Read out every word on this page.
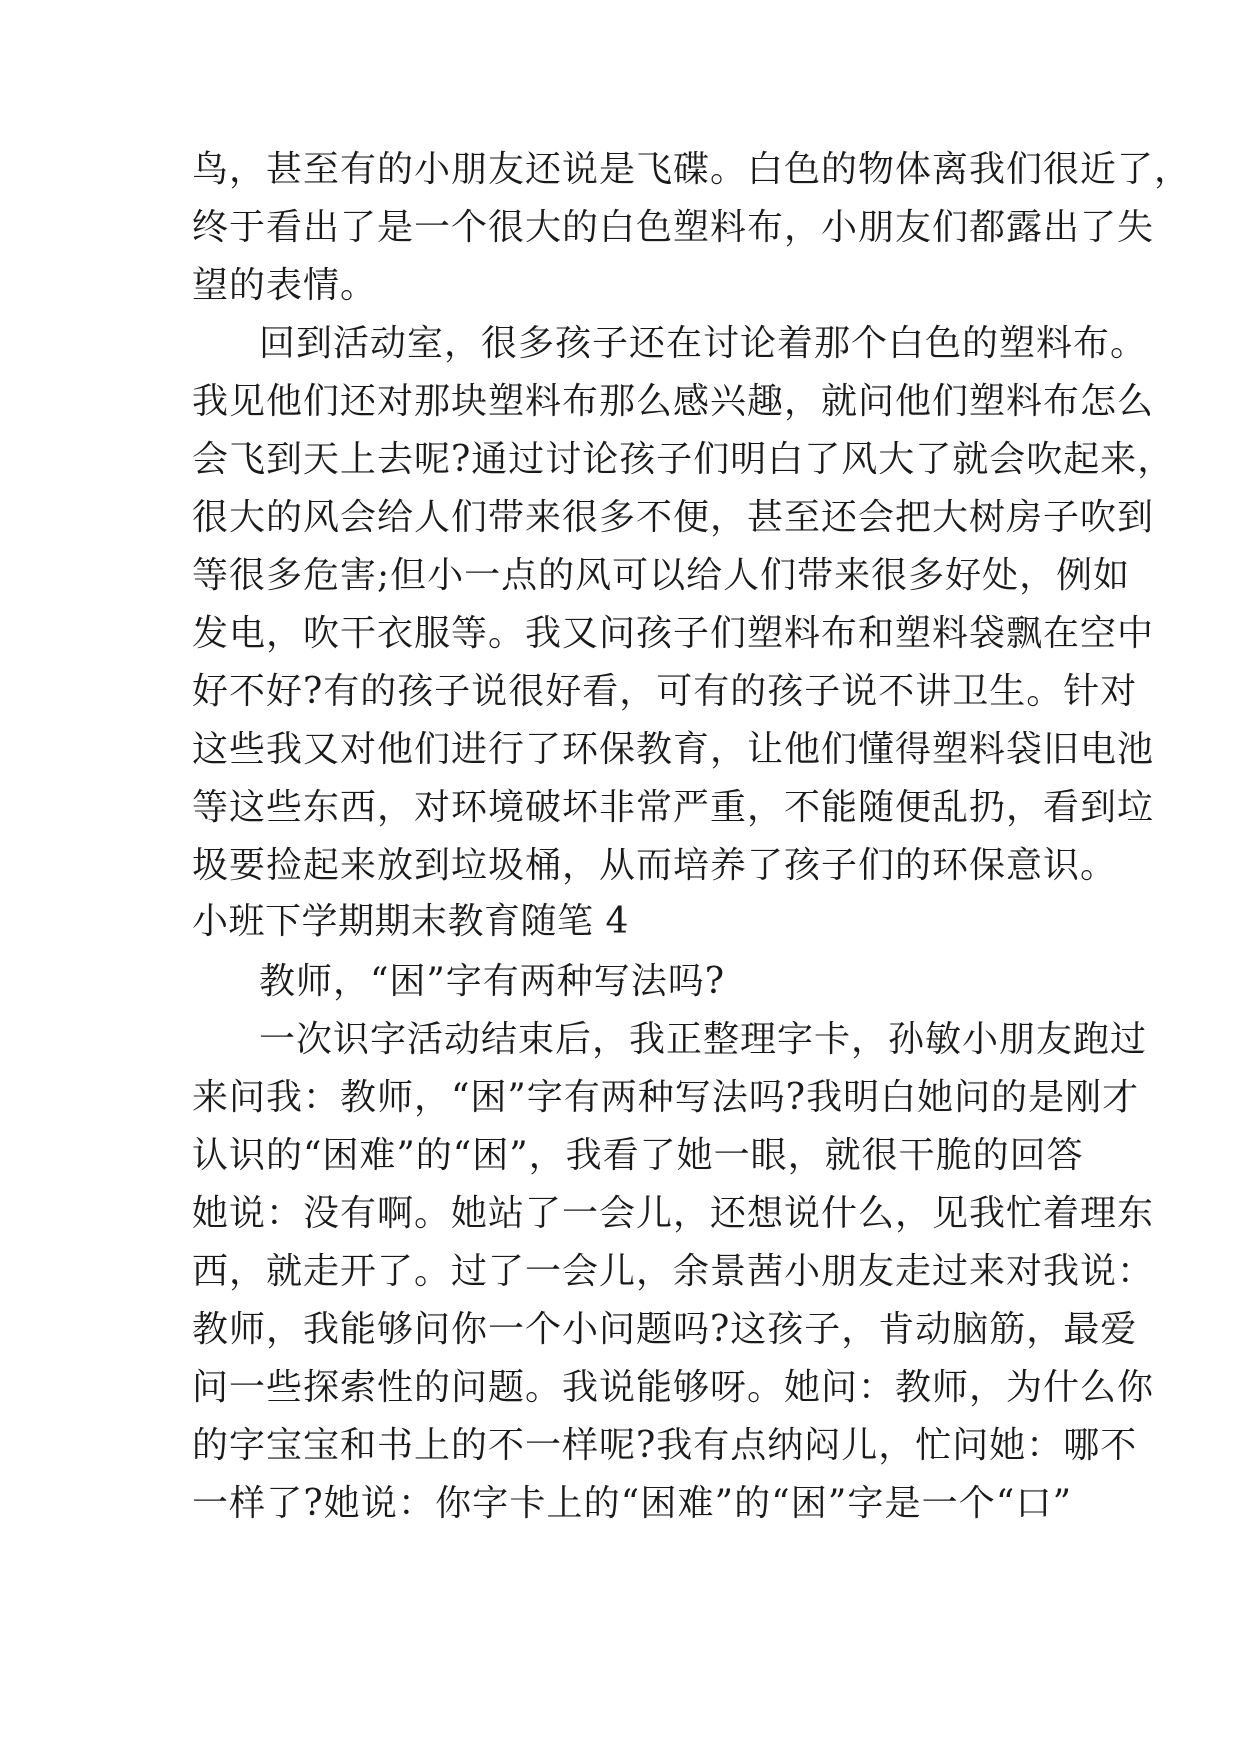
鸟，甚至有的小朋友还说是飞碟。白色的物体离我们很近了，
终于看出了是一个很大的白色塑料布，小朋友们都露出了失
望的表情。
回到活动室，很多孩子还在讨论着那个白色的塑料布。
我见他们还对那块塑料布那么感兴趣，就问他们塑料布怎么
会飞到天上去呢?通过讨论孩子们明白了风大了就会吹起来，
很大的风会给人们带来很多不便，甚至还会把大树房子吹到
等很多危害;但小一点的风可以给人们带来很多好处，例如
发电，吹干衣服等。我又问孩子们塑料布和塑料袋飘在空中
好不好?有的孩子说很好看，可有的孩子说不讲卫生。针对
这些我又对他们进行了环保教育，让他们懂得塑料袋旧电池
等这些东西，对环境破坏非常严重，不能随便乱扔，看到垃
圾要捡起来放到垃圾桶，从而培养了孩子们的环保意识。
小班下学期期末教育随笔 4
教师，“困”字有两种写法吗?
一次识字活动结束后，我正整理字卡，孙敏小朋友跑过
来问我：教师，“困”字有两种写法吗?我明白她问的是刚才
认识的“困难”的“困”，我看了她一眼，就很干脆的回答
她说：没有啊。她站了一会儿，还想说什么，见我忙着理东
西，就走开了。过了一会儿，余景茜小朋友走过来对我说：
教师，我能够问你一个小问题吗?这孩子，肯动脑筋，最爱
问一些探索性的问题。我说能够呀。她问：教师，为什么你
的字宝宝和书上的不一样呢?我有点纳闷儿，忙问她：哪不
一样了?她说：你字卡上的“困难”的“困”字是一个“口”
